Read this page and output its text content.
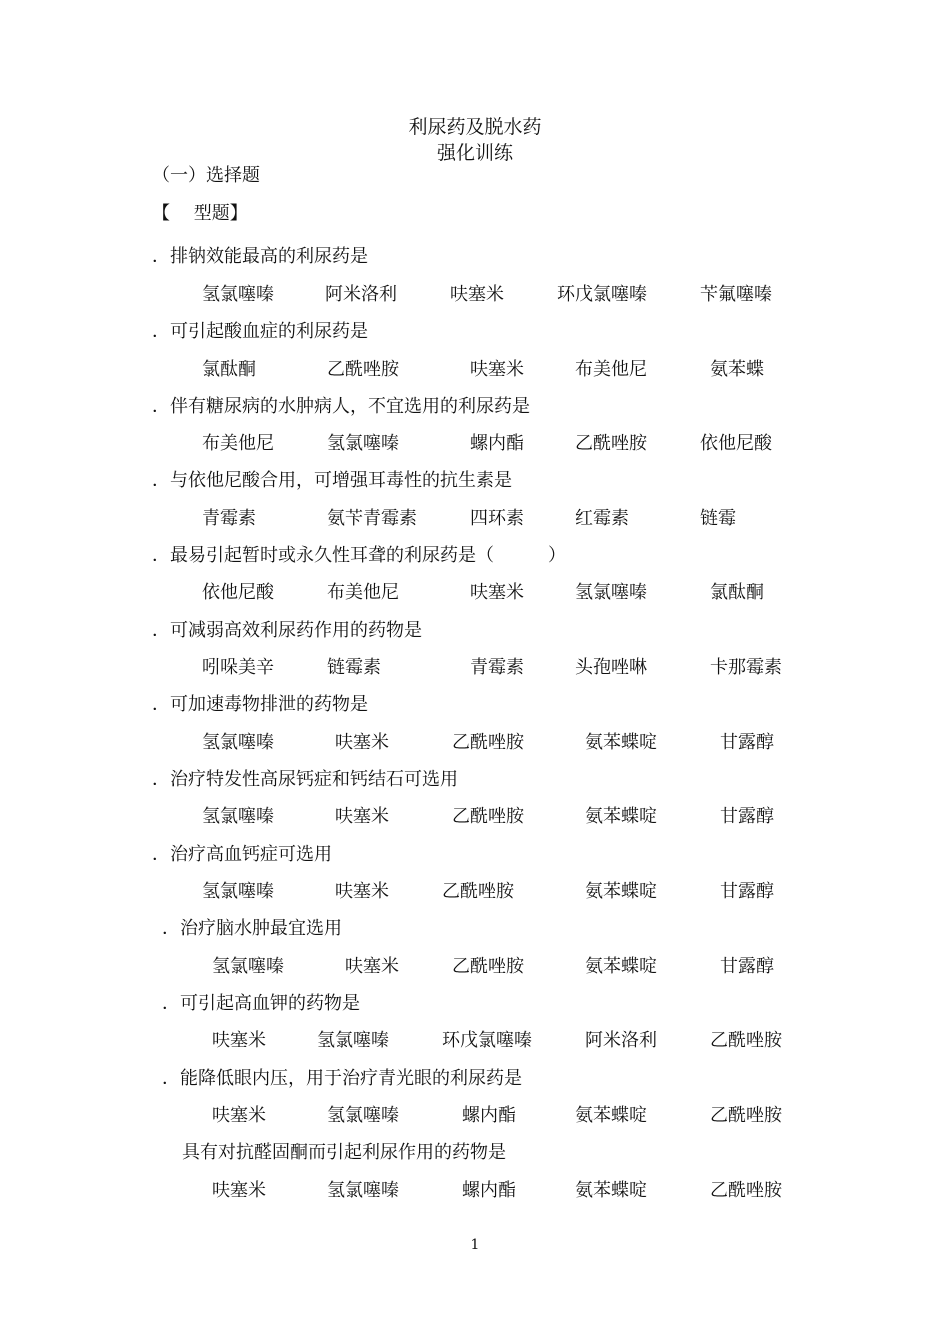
利尿药及脱水药
强化训练
（一）选择题
【　 型题】
．排钠效能最高的利尿药是
氢氯噻嗪	阿米洛利	呋塞米	环戊氯噻嗪	苄氟噻嗪
．可引起酸血症的利尿药是
氯酞酮	乙酰唑胺	呋塞米	布美他尼	氨苯蝶
．伴有糖尿病的水肿病人，不宜选用的利尿药是
布美他尼	氢氯噻嗪	螺内酯	乙酰唑胺	依他尼酸
．与依他尼酸合用，可增强耳毒性的抗生素是
青霉素	氨苄青霉素	四环素	红霉素	链霉
．最易引起暂时或永久性耳聋的利尿药是（　　　）
依他尼酸	布美他尼	呋塞米	氢氯噻嗪	氯酞酮
．可减弱高效利尿药作用的药物是
吲哚美辛	链霉素	青霉素	头孢唑啉	卡那霉素
．可加速毒物排泄的药物是
氢氯噻嗪	呋塞米	乙酰唑胺	氨苯蝶啶	甘露醇
．治疗特发性高尿钙症和钙结石可选用
氢氯噻嗪	呋塞米	乙酰唑胺	氨苯蝶啶	甘露醇
．治疗高血钙症可选用
氢氯噻嗪	呋塞米	乙酰唑胺	氨苯蝶啶	甘露醇
．治疗脑水肿最宜选用
氢氯噻嗪	呋塞米	乙酰唑胺	氨苯蝶啶	甘露醇
．可引起高血钾的药物是
呋塞米	氢氯噻嗪	环戊氯噻嗪	阿米洛利	乙酰唑胺
．能降低眼内压，用于治疗青光眼的利尿药是
呋塞米	氢氯噻嗪	螺内酯	氨苯蝶啶	乙酰唑胺
具有对抗醛固酮而引起利尿作用的药物是
呋塞米	氢氯噻嗪	螺内酯	氨苯蝶啶	乙酰唑胺
1
